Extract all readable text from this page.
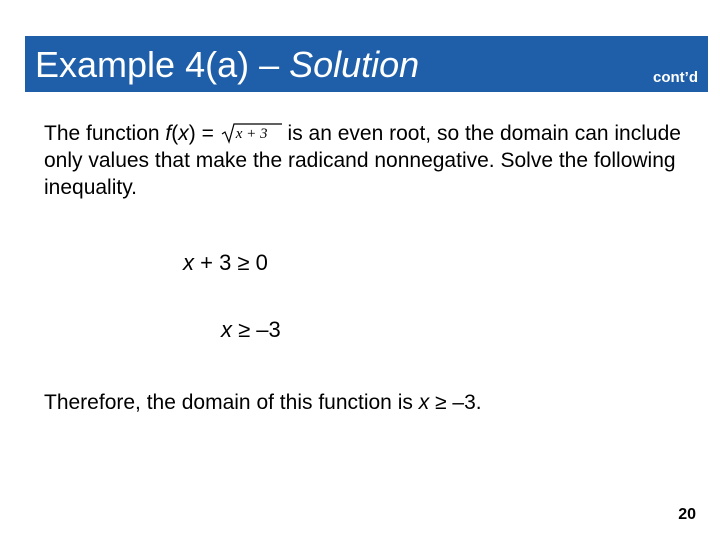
Example 4(a) – Solution	cont’d
The function f(x) = x + 3 is an even root, so the domain can include only values that make the radicand nonnegative. Solve the following inequality.
x + 3 ≥ 0
x ≥ –3
Therefore, the domain of this function is x ≥ –3.
20
